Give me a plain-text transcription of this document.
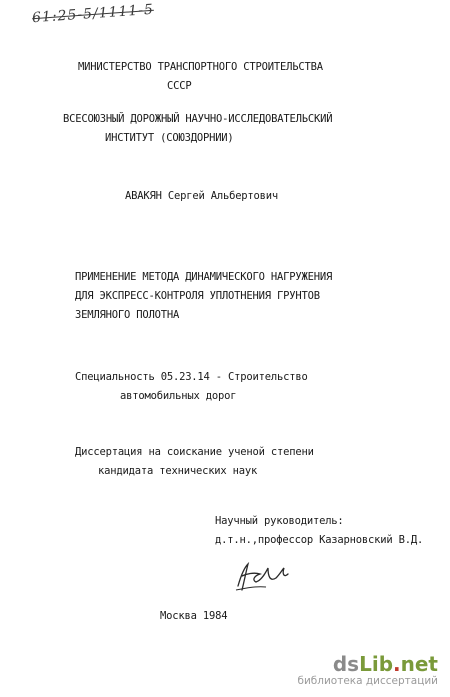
61:25-5/1111-5
МИНИСТЕРСТВО ТРАНСПОРТНОГО СТРОИТЕЛЬСТВА
СССР
ВСЕСОЮЗНЫЙ ДОРОЖНЫЙ НАУЧНО-ИССЛЕДОВАТЕЛЬСКИЙ
ИНСТИТУТ (СОЮЗДОРНИИ)
АВАКЯН Сергей Альбертович
ПРИМЕНЕНИЕ МЕТОДА ДИНАМИЧЕСКОГО НАГРУЖЕНИЯ
ДЛЯ ЭКСПРЕСС-КОНТРОЛЯ УПЛОТНЕНИЯ ГРУНТОВ
ЗЕМЛЯНОГО ПОЛОТНА
Специальность 05.23.14 - Строительство
автомобильных дорог
Диссертация на соискание ученой степени
кандидата технических наук
Научный руководитель:
д.т.н.,профессор Казарновский В.Д.
Москва 1984
dsLib.net
библиотека диссертаций
